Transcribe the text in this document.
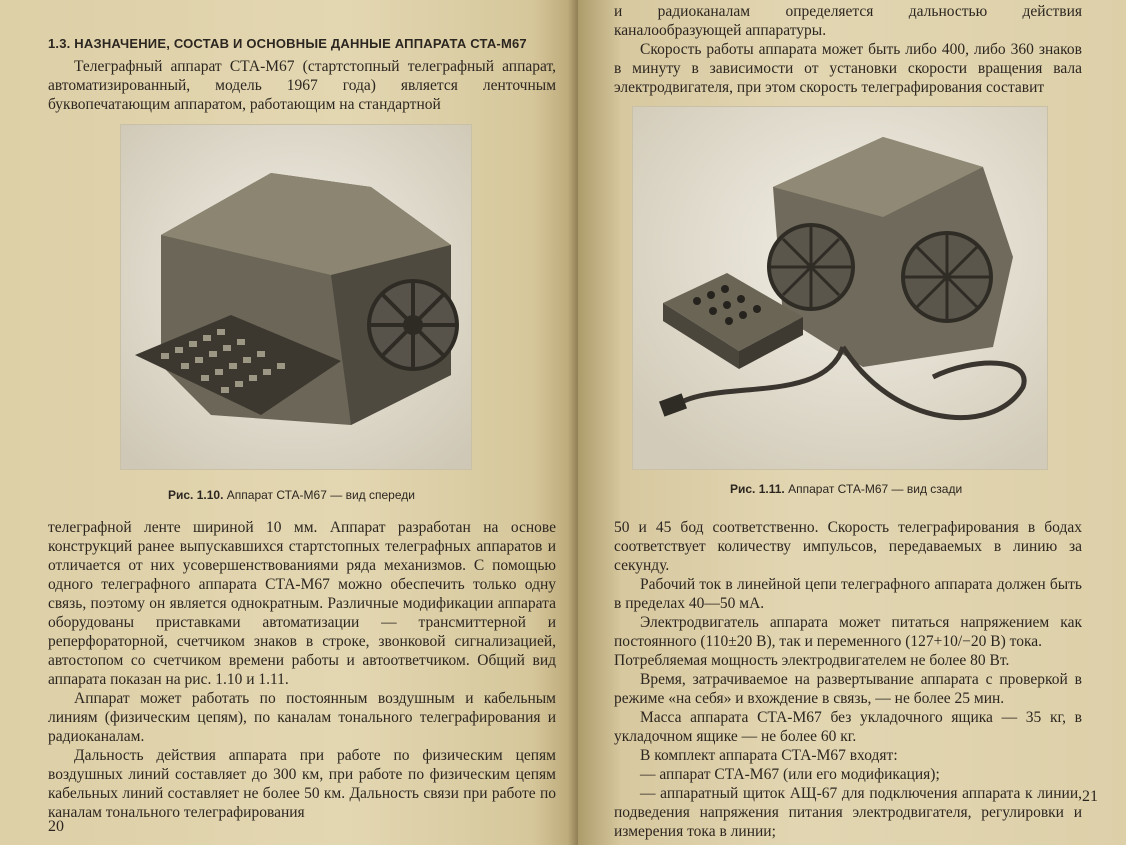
1.3. НАЗНАЧЕНИЕ, СОСТАВ И ОСНОВНЫЕ ДАННЫЕ АППАРАТА СТА-М67

Телеграфный аппарат СТА-М67 (стартстопный телеграфный аппарат, автоматизированный, модель 1967 года) является ленточным буквопечатающим аппаратом, работающим на стандартной

Рис. 1.10. Аппарат СТА-М67 — вид спереди

телеграфной ленте шириной 10 мм. Аппарат разработан на основе конструкций ранее выпускавшихся стартстопных телеграфных аппаратов и отличается от них усовершенствованиями ряда механизмов. С помощью одного телеграфного аппарата СТА-М67 можно обеспечить только одну связь, поэтому он является однократным. Различные модификации аппарата оборудованы приставками автоматизации — трансмиттерной и реперфораторной, счетчиком знаков в строке, звонковой сигнализацией, автостопом со счетчиком времени работы и автоответчиком. Общий вид аппарата показан на рис. 1.10 и 1.11.

Аппарат может работать по постоянным воздушным и кабельным линиям (физическим цепям), по каналам тонального телеграфирования и радиоканалам.

Дальность действия аппарата при работе по физическим цепям воздушных линий составляет до 300 км, при работе по физическим цепям кабельных линий составляет не более 50 км. Дальность связи при работе по каналам тонального телеграфирования

20

и радиоканалам определяется дальностью действия каналообразующей аппаратуры.

Скорость работы аппарата может быть либо 400, либо 360 знаков в минуту в зависимости от установки скорости вращения вала электродвигателя, при этом скорость телеграфирования составит

Рис. 1.11. Аппарат СТА-М67 — вид сзади

50 и 45 бод соответственно. Скорость телеграфирования в бодах соответствует количеству импульсов, передаваемых в линию за секунду.

Рабочий ток в линейной цепи телеграфного аппарата должен быть в пределах 40—50 мА.

Электродвигатель аппарата может питаться напряжением как постоянного (110±20 В), так и переменного (127+10/−20 В) тока.

Потребляемая мощность электродвигателем не более 80 Вт.

Время, затрачиваемое на развертывание аппарата с проверкой в режиме «на себя» и вхождение в связь, — не более 25 мин.

Масса аппарата СТА-М67 без укладочного ящика — 35 кг, в укладочном ящике — не более 60 кг.

В комплект аппарата СТА-М67 входят:

— аппарат СТА-М67 (или его модификация);

— аппаратный щиток АЩ-67 для подключения аппарата к линии, подведения напряжения питания электродвигателя, регулировки и измерения тока в линии;

21
